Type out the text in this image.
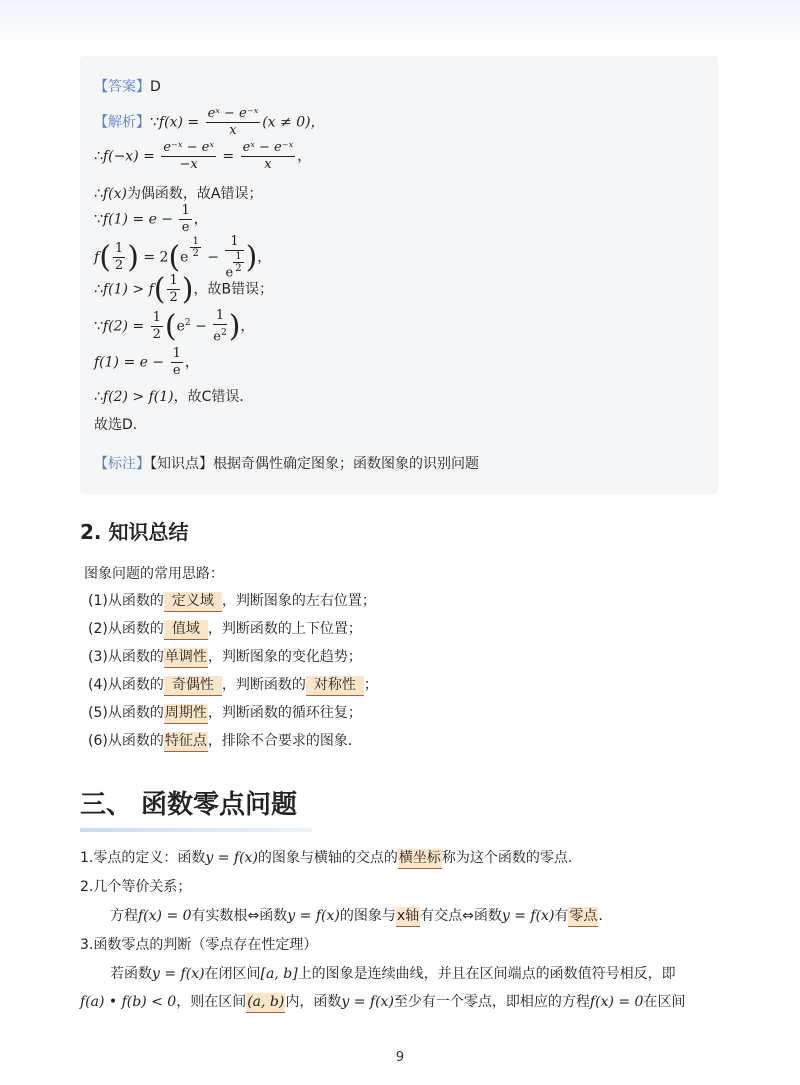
【答案】D
【解析】∵f(x) = $\frac{\text{eˣ − e⁻ˣ}}{x} (x \ne 0)$，
∴f(−x) = $\frac{\text{e⁻ˣ − eˣ}}{-x} = \frac{\text{eˣ − e⁻ˣ}}{x}$ ，
∴f(x)为偶函数，故A错误；
∵f(1) = $e - \frac{1}{e}$ ，
$f( \frac{1}{2}$ ) = $2(e \frac{1}{2} - \frac{1}{e \frac{1}{2}}$ )，
∴f(1) > $f( \frac{1}{2}$ )，故B错误；
∵f(2) = $\frac{1}{2} (e^2 - \frac{1}{e^2}$ )，
$f(1) = e - \frac{1}{e}$ ，
∴f(2) > f(1)，故C错误．
故选D．
【标注】【知识点】根据奇偶性确定图象；函数图象的识别问题
2. 知识总结
图象问题的常用思路：
(1)从函数的 定义域 ，判断图象的左右位置；
(2)从函数的 值域 ，判断函数的上下位置；
(3)从函数的单调性，判断图象的变化趋势；
(4)从函数的 奇偶性 ，判断函数的 对称性 ；
(5)从函数的周期性，判断函数的循环往复；
(6)从函数的特征点，排除不合要求的图象．
三、 函数零点问题
1.零点的定义：函数y = f(x)的图象与横轴的交点的横坐标称为这个函数的零点.
2.几个等价关系；
方程f(x) = 0有实数根⇔函数y = f(x)的图象与x轴有交点⇔函数y = f(x)有零点.
3.函数零点的判断（零点存在性定理）
若函数y = f(x)在闭区间[a, b]上的图象是连续曲线，并且在区间端点的函数值符号相反，即
f(a) • f(b) < 0，则在区间(a, b)内，函数y = f(x)至少有一个零点，即相应的方程f(x) = 0在区间
9
